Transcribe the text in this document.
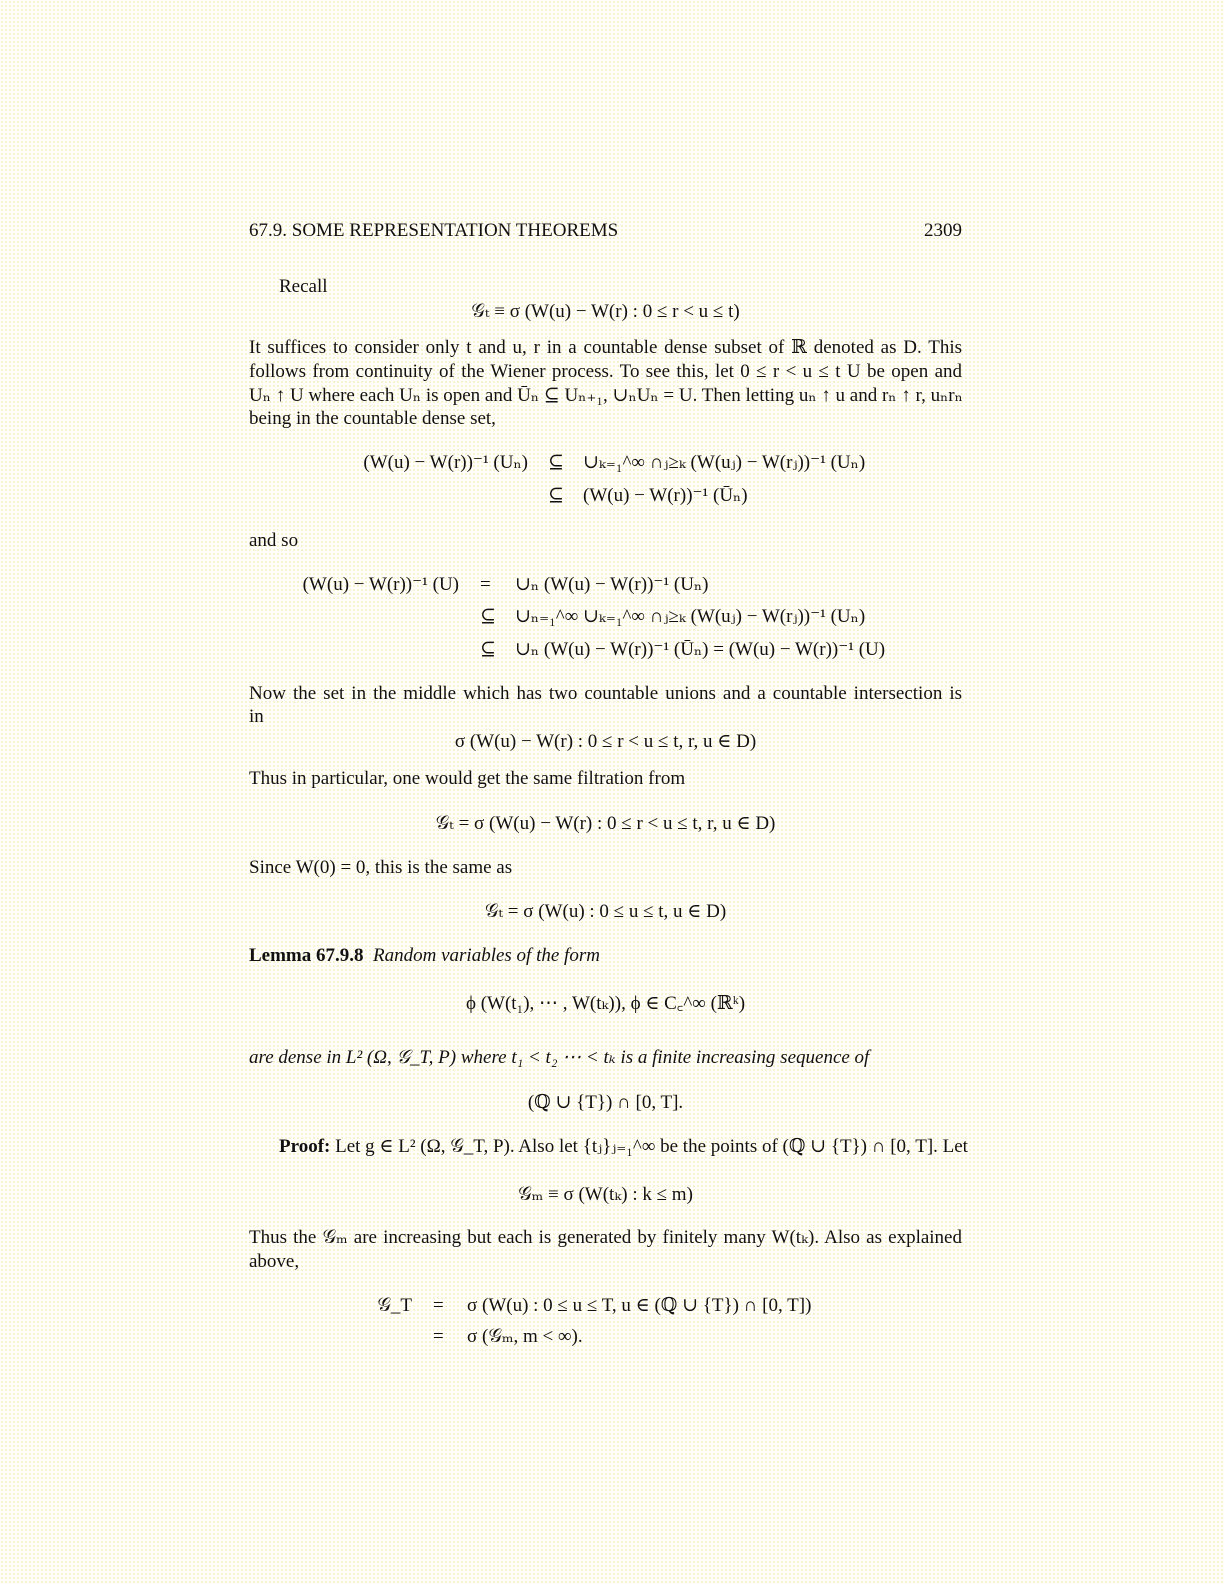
67.9. SOME REPRESENTATION THEOREMS	2309
Recall
𝒢ₜ ≡ σ (W(u) − W(r) : 0 ≤ r < u ≤ t)
It suffices to consider only t and u, r in a countable dense subset of ℝ denoted as D. This
follows from continuity of the Wiener process. To see this, let 0 ≤ r < u ≤ t U be open and
Uₙ ↑ U where each Uₙ is open and Ūₙ ⊆ Uₙ₊₁, ∪ₙUₙ = U. Then letting uₙ ↑ u and rₙ ↑ r, uₙrₙ
being in the countable dense set,
(W(u) − W(r))⁻¹ (Uₙ) ⊆ ∪ₖ₌₁^∞ ∩ⱼ≥ₖ (W(uⱼ) − W(rⱼ))⁻¹ (Uₙ)
⊆ (W(u) − W(r))⁻¹ (Ūₙ)
and so
(W(u) − W(r))⁻¹ (U) = ∪ₙ (W(u) − W(r))⁻¹ (Uₙ)
⊆ ∪ₙ₌₁^∞ ∪ₖ₌₁^∞ ∩ⱼ≥ₖ (W(uⱼ) − W(rⱼ))⁻¹ (Uₙ)
⊆ ∪ₙ (W(u) − W(r))⁻¹ (Ūₙ) = (W(u) − W(r))⁻¹ (U)
Now the set in the middle which has two countable unions and a countable intersection is
in
σ (W(u) − W(r) : 0 ≤ r < u ≤ t, r, u ∈ D)
Thus in particular, one would get the same filtration from
𝒢ₜ = σ (W(u) − W(r) : 0 ≤ r < u ≤ t, r, u ∈ D)
Since W(0) = 0, this is the same as
𝒢ₜ = σ (W(u) : 0 ≤ u ≤ t, u ∈ D)
Lemma 67.9.8 Random variables of the form
ϕ (W(t₁), ⋯ , W(tₖ)), ϕ ∈ C꜀^∞ (ℝᵏ)
are dense in L² (Ω, 𝒢_T, P) where t₁ < t₂ ⋯ < tₖ is a finite increasing sequence of
(ℚ ∪ {T}) ∩ [0, T].
Proof: Let g ∈ L² (Ω, 𝒢_T, P). Also let {tⱼ}ⱼ₌₁^∞ be the points of (ℚ ∪ {T}) ∩ [0, T]. Let
𝒢ₘ ≡ σ (W(tₖ) : k ≤ m)
Thus the 𝒢ₘ are increasing but each is generated by finitely many W(tₖ). Also as explained
above,
𝒢_T = σ (W(u) : 0 ≤ u ≤ T, u ∈ (ℚ ∪ {T}) ∩ [0, T])
= σ (𝒢ₘ, m < ∞).
